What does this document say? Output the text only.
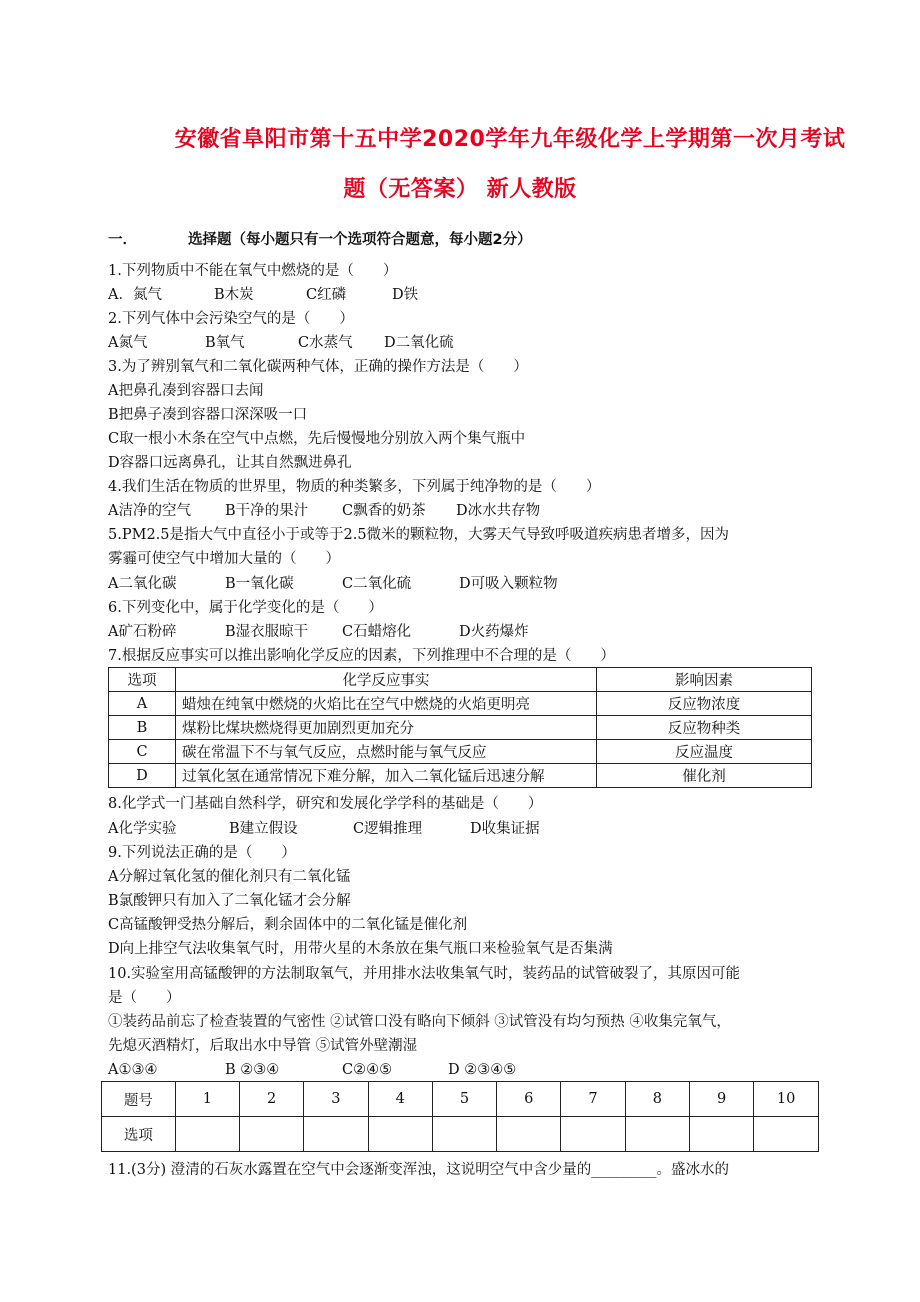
安徽省阜阳市第十五中学2020学年九年级化学上学期第一次月考试
题（无答案） 新人教版
一．	选择题（每小题只有一个选项符合题意，每小题2分）
1.下列物质中不能在氧气中燃烧的是（　　）
A．氮气	B木炭	C红磷	D铁
2.下列气体中会污染空气的是（　　）
A氮气	B氧气	C水蒸气 D二氧化硫
3.为了辨别氧气和二氧化碳两种气体，正确的操作方法是（　　）
A把鼻孔凑到容器口去闻
B把鼻子凑到容器口深深吸一口
C取一根小木条在空气中点燃，先后慢慢地分别放入两个集气瓶中
D容器口远离鼻孔，让其自然飘进鼻孔
4.我们生活在物质的世界里，物质的种类繁多，下列属于纯净物的是（　　）
A洁净的空气 B干净的果汁 C飘香的奶茶 D冰水共存物
5.PM2.5是指大气中直径小于或等于2.5微米的颗粒物，大雾天气导致呼吸道疾病患者增多，因为
雾霾可使空气中增加大量的（　　）
A二氧化碳	B一氧化碳	C二氧化硫	D可吸入颗粒物
6.下列变化中，属于化学变化的是（　　）
A矿石粉碎	B湿衣服晾干 C石蜡熔化	D火药爆炸
7.根据反应事实可以推出影响化学反应的因素，下列推理中不合理的是（　　）
选项	化学反应事实	影响因素
A	蜡烛在纯氧中燃烧的火焰比在空气中燃烧的火焰更明亮	反应物浓度
B	煤粉比煤块燃烧得更加剧烈更加充分	反应物种类
C	碳在常温下不与氧气反应，点燃时能与氧气反应	反应温度
D	过氧化氢在通常情况下难分解，加入二氧化锰后迅速分解	催化剂
8.化学式一门基础自然科学，研究和发展化学学科的基础是（　　）
A化学实验	B建立假设	C逻辑推理	D收集证据
9.下列说法正确的是（　　）
A分解过氧化氢的催化剂只有二氧化锰
B氯酸钾只有加入了二氧化锰才会分解
C高锰酸钾受热分解后，剩余固体中的二氧化锰是催化剂
D向上排空气法收集氧气时，用带火星的木条放在集气瓶口来检验氧气是否集满
10.实验室用高锰酸钾的方法制取氧气，并用排水法收集氧气时，装药品的试管破裂了，其原因可能
是（　　）
①装药品前忘了检查装置的气密性 ②试管口没有略向下倾斜 ③试管没有均匀预热 ④收集完氧气，
先熄灭酒精灯，后取出水中导管 ⑤试管外壁潮湿
A①③④	B ②③④	C②④⑤	D ②③④⑤
题号	1	2	3	4	5	6	7	8	9	10
选项										
11.(3分) 澄清的石灰水露置在空气中会逐渐变浑浊，这说明空气中含少量的_________。盛冰水的
